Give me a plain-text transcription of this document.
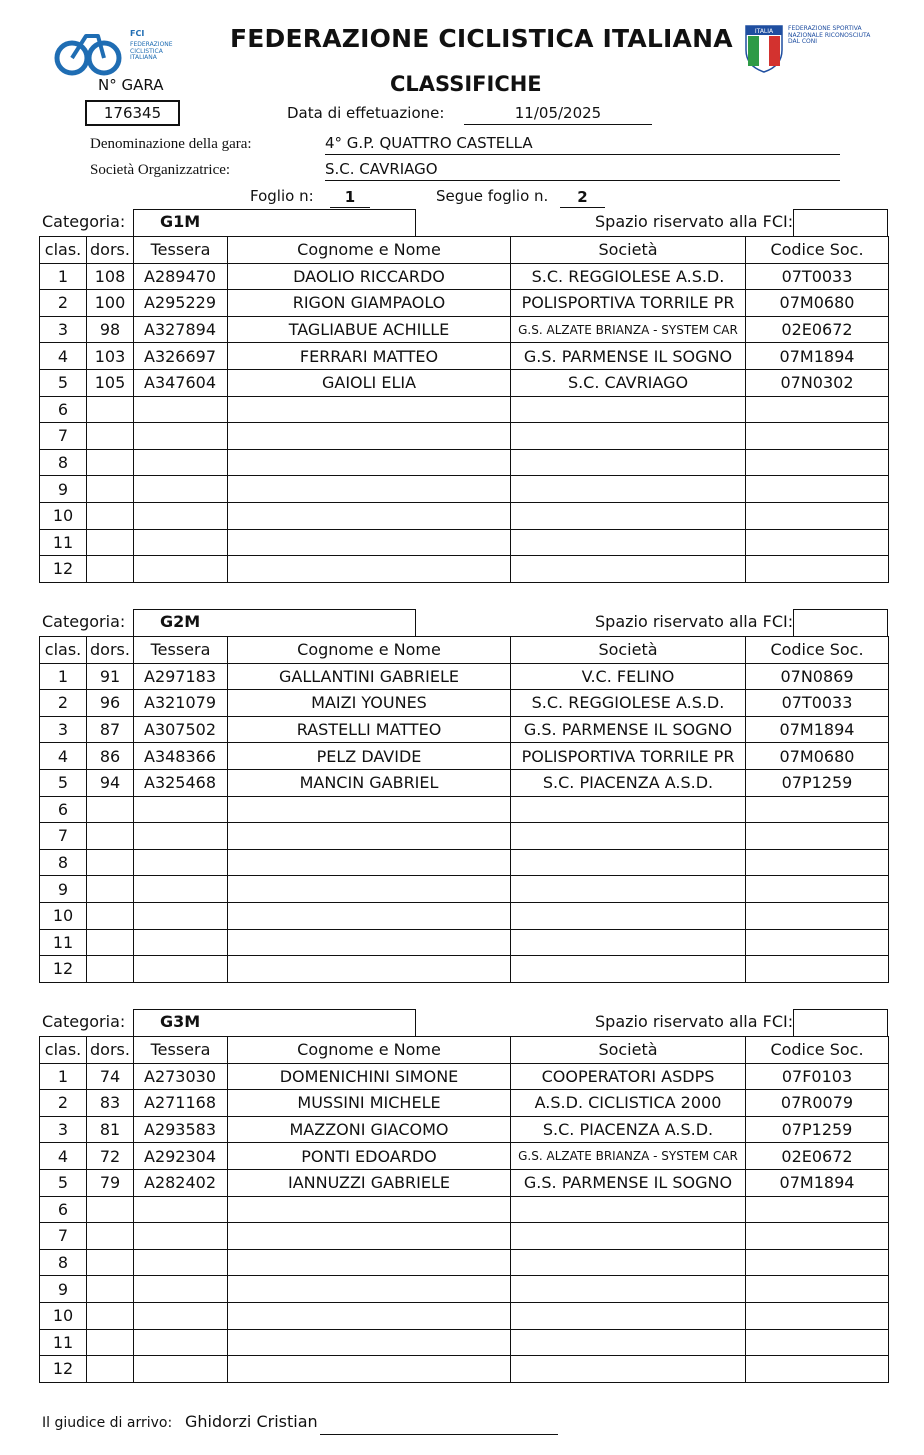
FCI
FEDERAZIONE CICLISTICA ITALIANA
FEDERAZIONE CICLISTICA ITALIANA	ITALIA FEDERAZIONE SPORTIVA NAZIONALE RICONOSCIUTA DAL CONI
CLASSIFICHE
N° GARA
176345	Data di effetuazione:	11/05/2025
Denominazione della gara:	4° G.P. QUATTRO CASTELLA
Società Organizzatrice:	S.C. CAVRIAGO
Foglio n:	1	Segue foglio n.	2
Categoria: G1M	Spazio riservato alla FCI:
clas.	dors.	Tessera	Cognome e Nome	Società	Codice Soc.
1	108	A289470	DAOLIO RICCARDO	S.C. REGGIOLESE A.S.D.	07T0033
2	100	A295229	RIGON GIAMPAOLO	POLISPORTIVA TORRILE PR	07M0680
3	98	A327894	TAGLIABUE ACHILLE	G.S. ALZATE BRIANZA - SYSTEM CAR	02E0672
4	103	A326697	FERRARI MATTEO	G.S. PARMENSE IL SOGNO	07M1894
5	105	A347604	GAIOLI ELIA	S.C. CAVRIAGO	07N0302
6					
7					
8					
9					
10					
11					
12					
Categoria: G2M	Spazio riservato alla FCI:
clas.	dors.	Tessera	Cognome e Nome	Società	Codice Soc.
1	91	A297183	GALLANTINI GABRIELE	V.C. FELINO	07N0869
2	96	A321079	MAIZI YOUNES	S.C. REGGIOLESE A.S.D.	07T0033
3	87	A307502	RASTELLI MATTEO	G.S. PARMENSE IL SOGNO	07M1894
4	86	A348366	PELZ DAVIDE	POLISPORTIVA TORRILE PR	07M0680
5	94	A325468	MANCIN GABRIEL	S.C. PIACENZA A.S.D.	07P1259
6					
7					
8					
9					
10					
11					
12					
Categoria: G3M	Spazio riservato alla FCI:
clas.	dors.	Tessera	Cognome e Nome	Società	Codice Soc.
1	74	A273030	DOMENICHINI SIMONE	COOPERATORI ASDPS	07F0103
2	83	A271168	MUSSINI MICHELE	A.S.D. CICLISTICA 2000	07R0079
3	81	A293583	MAZZONI GIACOMO	S.C. PIACENZA A.S.D.	07P1259
4	72	A292304	PONTI EDOARDO	G.S. ALZATE BRIANZA - SYSTEM CAR	02E0672
5	79	A282402	IANNUZZI GABRIELE	G.S. PARMENSE IL SOGNO	07M1894
6					
7					
8					
9					
10					
11					
12					
Il giudice di arrivo: Ghidorzi Cristian
